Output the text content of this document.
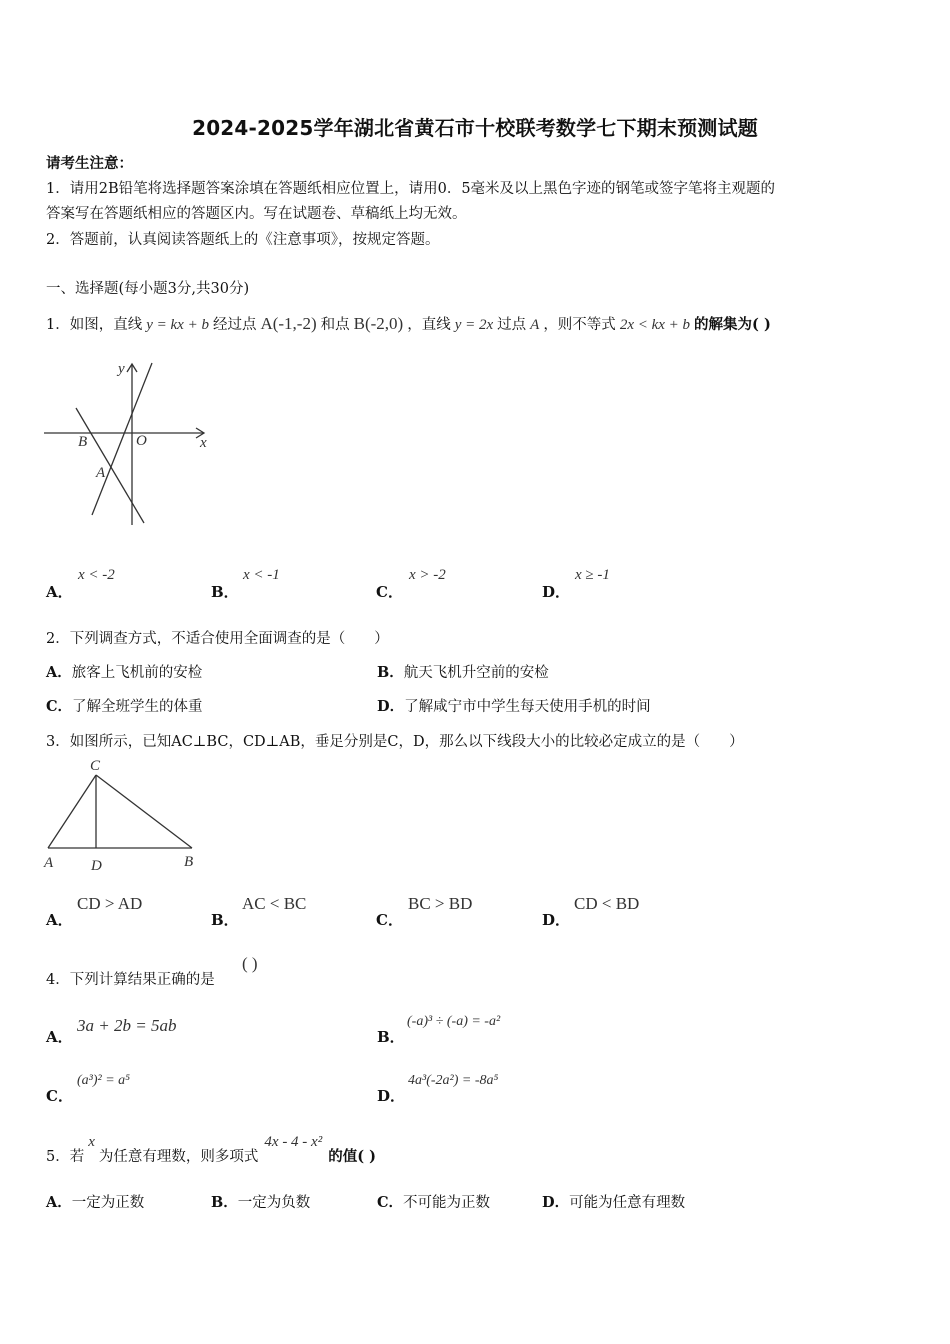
2024-2025学年湖北省黄石市十校联考数学七下期末预测试题
请考生注意：
1．请用2B铅笔将选择题答案涂填在答题纸相应位置上，请用0．5毫米及以上黑色字迹的钢笔或签字笔将主观题的
答案写在答题纸相应的答题区内。写在试题卷、草稿纸上均无效。
2．答题前，认真阅读答题纸上的《注意事项》，按规定答题。
一、选择题(每小题3分,共30分)
1．如图，直线 y = kx + b 经过点 A(-1,-2) 和点 B(-2,0) ，直线 y = 2x 过点 A ，则不等式 2x < kx + b 的解集为( )
y
x
B	O
A
A．
x < -2
B．
x < -1
C．
x > -2
D．
x ≥ -1
2．下列调查方式，不适合使用全面调查的是（　　）
A．旅客上飞机前的安检	B．航天飞机升空前的安检
C．了解全班学生的体重	D．了解咸宁市中学生每天使用手机的时间
3．如图所示，已知AC⊥BC，CD⊥AB，垂足分别是C，D，那么以下线段大小的比较必定成立的是（　　）
C
A	D	B
A．
CD > AD
B．
AC < BC
C．
BC > BD
D．
CD < BD
4．下列计算结果正确的是
( )
A．
3a + 2b = 5ab
B．
(-a)³ ÷ (-a) = -a²
C．
(a³)² = a⁵
D．
4a³(-2a²) = -8a⁵
5．若
x
为任意有理数，则多项式
4x - 4 - x²
的值( )
A．一定为正数	B．一定为负数	C．不可能为正数	D．可能为任意有理数
